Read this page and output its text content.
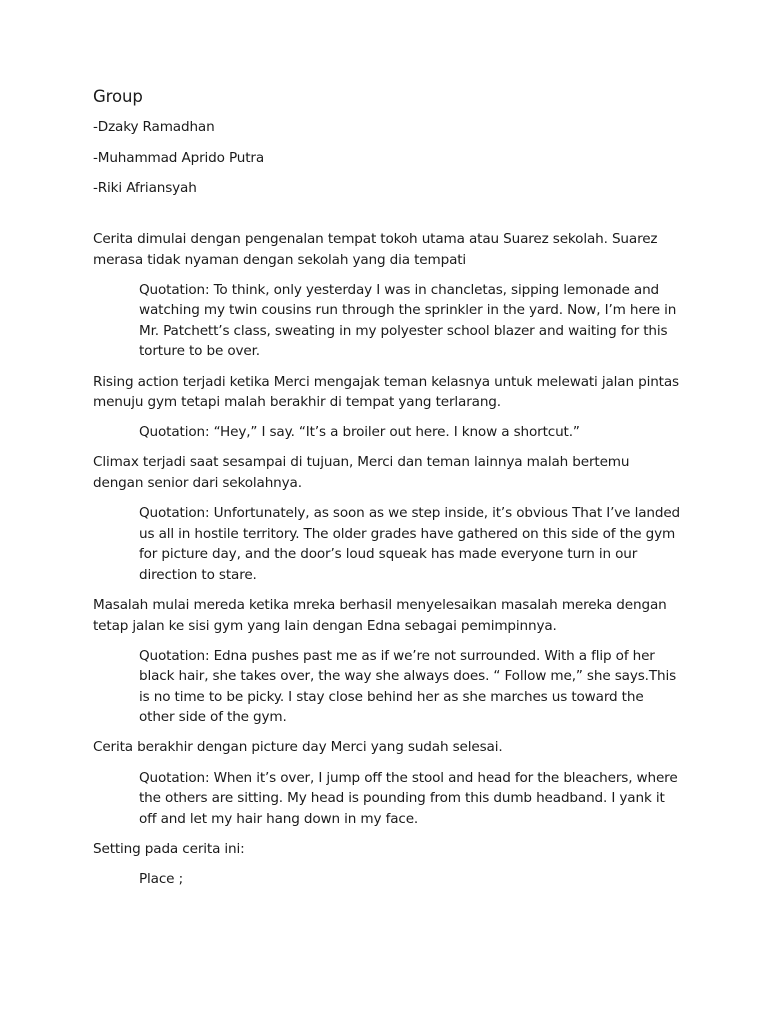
Group
-Dzaky Ramadhan
-Muhammad Aprido Putra
-Riki Afriansyah

Cerita dimulai dengan pengenalan tempat tokoh utama atau Suarez sekolah. Suarez merasa tidak nyaman dengan sekolah yang dia tempati

Quotation: To think, only yesterday I was in chancletas, sipping lemonade and watching my twin cousins run through the sprinkler in the yard. Now, I’m here in Mr. Patchett’s class, sweating in my polyester school blazer and waiting for this torture to be over.

Rising action terjadi ketika Merci mengajak teman kelasnya untuk melewati jalan pintas menuju gym tetapi malah berakhir di tempat yang terlarang.

Quotation: “Hey,” I say. “It’s a broiler out here. I know a shortcut.”

Climax terjadi saat sesampai di tujuan, Merci dan teman lainnya malah bertemu dengan senior dari sekolahnya.

Quotation: Unfortunately, as soon as we step inside, it’s obvious That I’ve landed us all in hostile territory. The older grades have gathered on this side of the gym for picture day, and the door’s loud squeak has made everyone turn in our direction to stare.

Masalah mulai mereda ketika mreka berhasil menyelesaikan masalah mereka dengan tetap jalan ke sisi gym yang lain dengan Edna sebagai pemimpinnya.

Quotation: Edna pushes past me as if we’re not surrounded. With a flip of her black hair, she takes over, the way she always does. “ Follow me,” she says.This is no time to be picky. I stay close behind her as she marches us toward the other side of the gym.

Cerita berakhir dengan picture day Merci yang sudah selesai.

Quotation: When it’s over, I jump off the stool and head for the bleachers, where the others are sitting. My head is pounding from this dumb headband. I yank it off and let my hair hang down in my face.

Setting pada cerita ini:

Place ;
